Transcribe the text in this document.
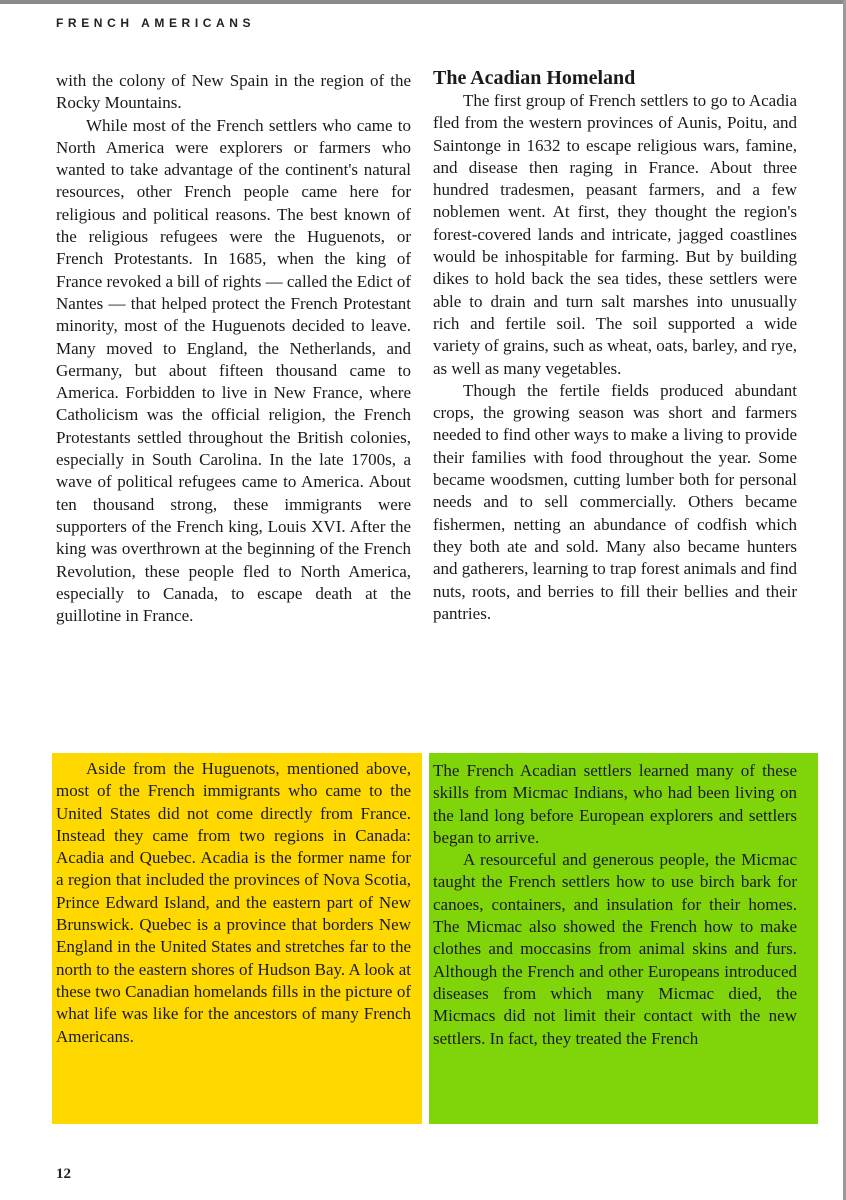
FRENCH AMERICANS

with the colony of New Spain in the region of the Rocky Mountains.

While most of the French settlers who came to North America were explorers or farmers who wanted to take advantage of the continent's natural resources, other French people came here for religious and political reasons. The best known of the religious refugees were the Huguenots, or French Protestants. In 1685, when the king of France revoked a bill of rights — called the Edict of Nantes — that helped protect the French Protestant minority, most of the Huguenots decided to leave. Many moved to England, the Netherlands, and Germany, but about fifteen thousand came to America. Forbidden to live in New France, where Catholicism was the official religion, the French Protestants settled throughout the British colonies, especially in South Carolina. In the late 1700s, a wave of political refugees came to America. About ten thousand strong, these immigrants were supporters of the French king, Louis XVI. After the king was overthrown at the beginning of the French Revolution, these people fled to North America, especially to Canada, to escape death at the guillotine in France.

The Acadian Homeland

The first group of French settlers to go to Acadia fled from the western provinces of Aunis, Poitu, and Saintonge in 1632 to escape religious wars, famine, and disease then raging in France. About three hundred tradesmen, peasant farmers, and a few noblemen went. At first, they thought the region's forest-covered lands and intricate, jagged coastlines would be inhospitable for farming. But by building dikes to hold back the sea tides, these settlers were able to drain and turn salt marshes into unusually rich and fertile soil. The soil supported a wide variety of grains, such as wheat, oats, barley, and rye, as well as many vegetables.

Though the fertile fields produced abundant crops, the growing season was short and farmers needed to find other ways to make a living to provide their families with food throughout the year. Some became woodsmen, cutting lumber both for personal needs and to sell commercially. Others became fishermen, netting an abundance of codfish which they both ate and sold. Many also became hunters and gatherers, learning to trap forest animals and find nuts, roots, and berries to fill their bellies and their pantries.

Aside from the Huguenots, mentioned above, most of the French immigrants who came to the United States did not come directly from France. Instead they came from two regions in Canada: Acadia and Quebec. Acadia is the former name for a region that included the provinces of Nova Scotia, Prince Edward Island, and the eastern part of New Brunswick. Quebec is a province that borders New England in the United States and stretches far to the north to the eastern shores of Hudson Bay. A look at these two Canadian homelands fills in the picture of what life was like for the ancestors of many French Americans.

The French Acadian settlers learned many of these skills from Micmac Indians, who had been living on the land long before European explorers and settlers began to arrive.

A resourceful and generous people, the Micmac taught the French settlers how to use birch bark for canoes, containers, and insulation for their homes. The Micmac also showed the French how to make clothes and moccasins from animal skins and furs. Although the French and other Europeans introduced diseases from which many Micmac died, the Micmacs did not limit their contact with the new settlers. In fact, they treated the French

12
